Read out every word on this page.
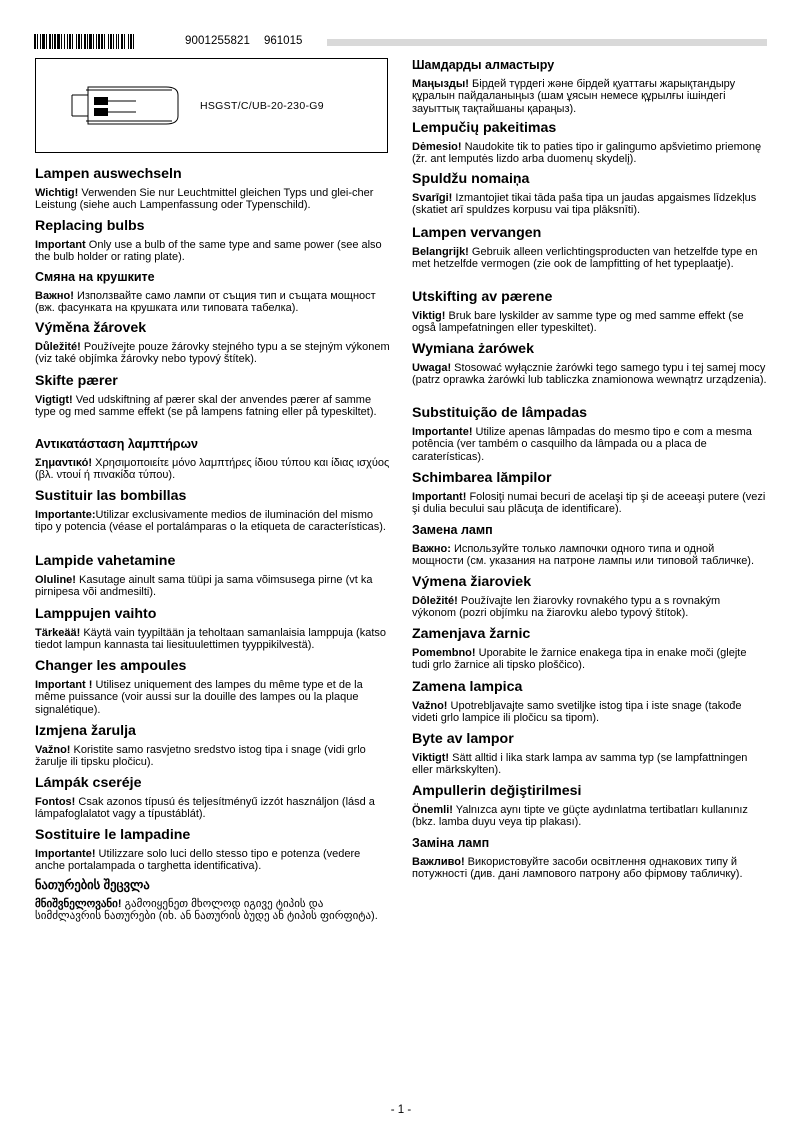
9001255821 961015
HSGST/C/UB-20-230-G9
Lampen auswechseln

Wichtig! Verwenden Sie nur Leuchtmittel gleichen Typs und glei-cher Leistung (siehe auch Lampenfassung oder Typenschild).

Replacing bulbs

Important Only use a bulb of the same type and same power (see also the bulb holder or rating plate).

Смяна на крушките

Важно! Използвайте само лампи от същия тип и същата мощност (вж. фасунката на крушката или типовата табелка).

Výměna žárovek

Důležité! Používejte pouze žárovky stejného typu a se stejným výkonem (viz také objímka žárovky nebo typový štítek).

Skifte pærer

Vigtigt! Ved udskiftning af pærer skal der anvendes pærer af samme type og med samme effekt (se på lampens fatning eller på typeskiltet).

Αντικατάσταση λαμπτήρων

Σημαντικό! Χρησιμοποιείτε μόνο λαμπτήρες ίδιου τύπου και ίδιας ισχύος (βλ. ντουί ή πινακίδα τύπου).

Sustituir las bombillas

Importante:Utilizar exclusivamente medios de iluminación del mismo tipo y potencia (véase el portalámparas o la etiqueta de características).

Lampide vahetamine

Oluline! Kasutage ainult sama tüüpi ja sama võimsusega pirne (vt ka pirnipesa või andmesilti).

Lamppujen vaihto

Tärkeää! Käytä vain tyypiltään ja teholtaan samanlaisia lamppuja (katso tiedot lampun kannasta tai liesituulettimen tyyppikilvestä).

Changer les ampoules

Important ! Utilisez uniquement des lampes du même type et de la même puissance (voir aussi sur la douille des lampes ou la plaque signalétique).

Izmjena žarulja

Važno! Koristite samo rasvjetno sredstvo istog tipa i snage (vidi grlo žarulje ili tipsku pločicu).

Lámpák cseréje

Fontos! Csak azonos típusú és teljesítményű izzót használjon (lásd a lámpafoglalatot vagy a típustáblát).

Sostituire le lampadine

Importante! Utilizzare solo luci dello stesso tipo e potenza (vedere anche portalampada o targhetta identificativa).

ნათურების შეცვლა

მნიშვნელოვანი! გამოიყენეთ მხოლოდ იგივე ტიპის და სიმძლავრის ნათურები (იხ. ან ნათურის ბუდე ან ტიპის ფირფიტა).

Шамдарды алмастыру

Маңызды! Бірдей түрдегі және бірдей қуаттағы жарықтандыру құралын пайдаланыңыз (шам ұясын немесе құрылғы ішіндегі зауыттық тақтайшаны қараңыз).

Lempučių pakeitimas

Dėmesio! Naudokite tik to paties tipo ir galingumo apšvietimo priemonę (žr. ant lemputės lizdo arba duomenų skydelį).

Spuldžu nomaiņa

Svarīgi! Izmantojiet tikai tāda paša tipa un jaudas apgaismes līdzekļus (skatiet arī spuldzes korpusu vai tipa plāksnīti).

Lampen vervangen

Belangrijk! Gebruik alleen verlichtingsproducten van hetzelfde type en met hetzelfde vermogen (zie ook de lampfitting of het typeplaatje).

Utskifting av pærene

Viktig! Bruk bare lyskilder av samme type og med samme effekt (se også lampefatningen eller typeskiltet).

Wymiana żarówek

Uwaga! Stosować wyłącznie żarówki tego samego typu i tej samej mocy (patrz oprawka żarówki lub tabliczka znamionowa wewnątrz urządzenia).

Substituição de lâmpadas

Importante! Utilize apenas lâmpadas do mesmo tipo e com a mesma potência (ver também o casquilho da lâmpada ou a placa de caraterísticas).

Schimbarea lămpilor

Important! Folosiţi numai becuri de acelaşi tip şi de aceeaşi putere (vezi şi dulia becului sau plăcuţa de identificare).

Замена ламп

Важно: Используйте только лампочки одного типа и одной мощности (см. указания на патроне лампы или типовой табличке).

Výmena žiaroviek

Dôležité! Používajte len žiarovky rovnakého typu a s rovnakým výkonom (pozri objímku na žiarovku alebo typový štítok).

Zamenjava žarnic

Pomembno! Uporabite le žarnice enakega tipa in enake moči (glejte tudi grlo žarnice ali tipsko ploščico).

Zamena lampica

Važno! Upotrebljavajte samo svetiljke istog tipa i iste snage (takođe videti grlo lampice ili pločicu sa tipom).

Byte av lampor

Viktigt! Sätt alltid i lika stark lampa av samma typ (se lampfattningen eller märkskylten).

Ampullerin değiştirilmesi

Önemli! Yalnızca aynı tipte ve güçte aydınlatma tertibatları kullanınız (bkz. lamba duyu veya tip plakası).

Заміна ламп

Важливо! Використовуйте засоби освітлення однакових типу й потужності (див. дані лампового патрону або фірмову табличку).

- 1 -
